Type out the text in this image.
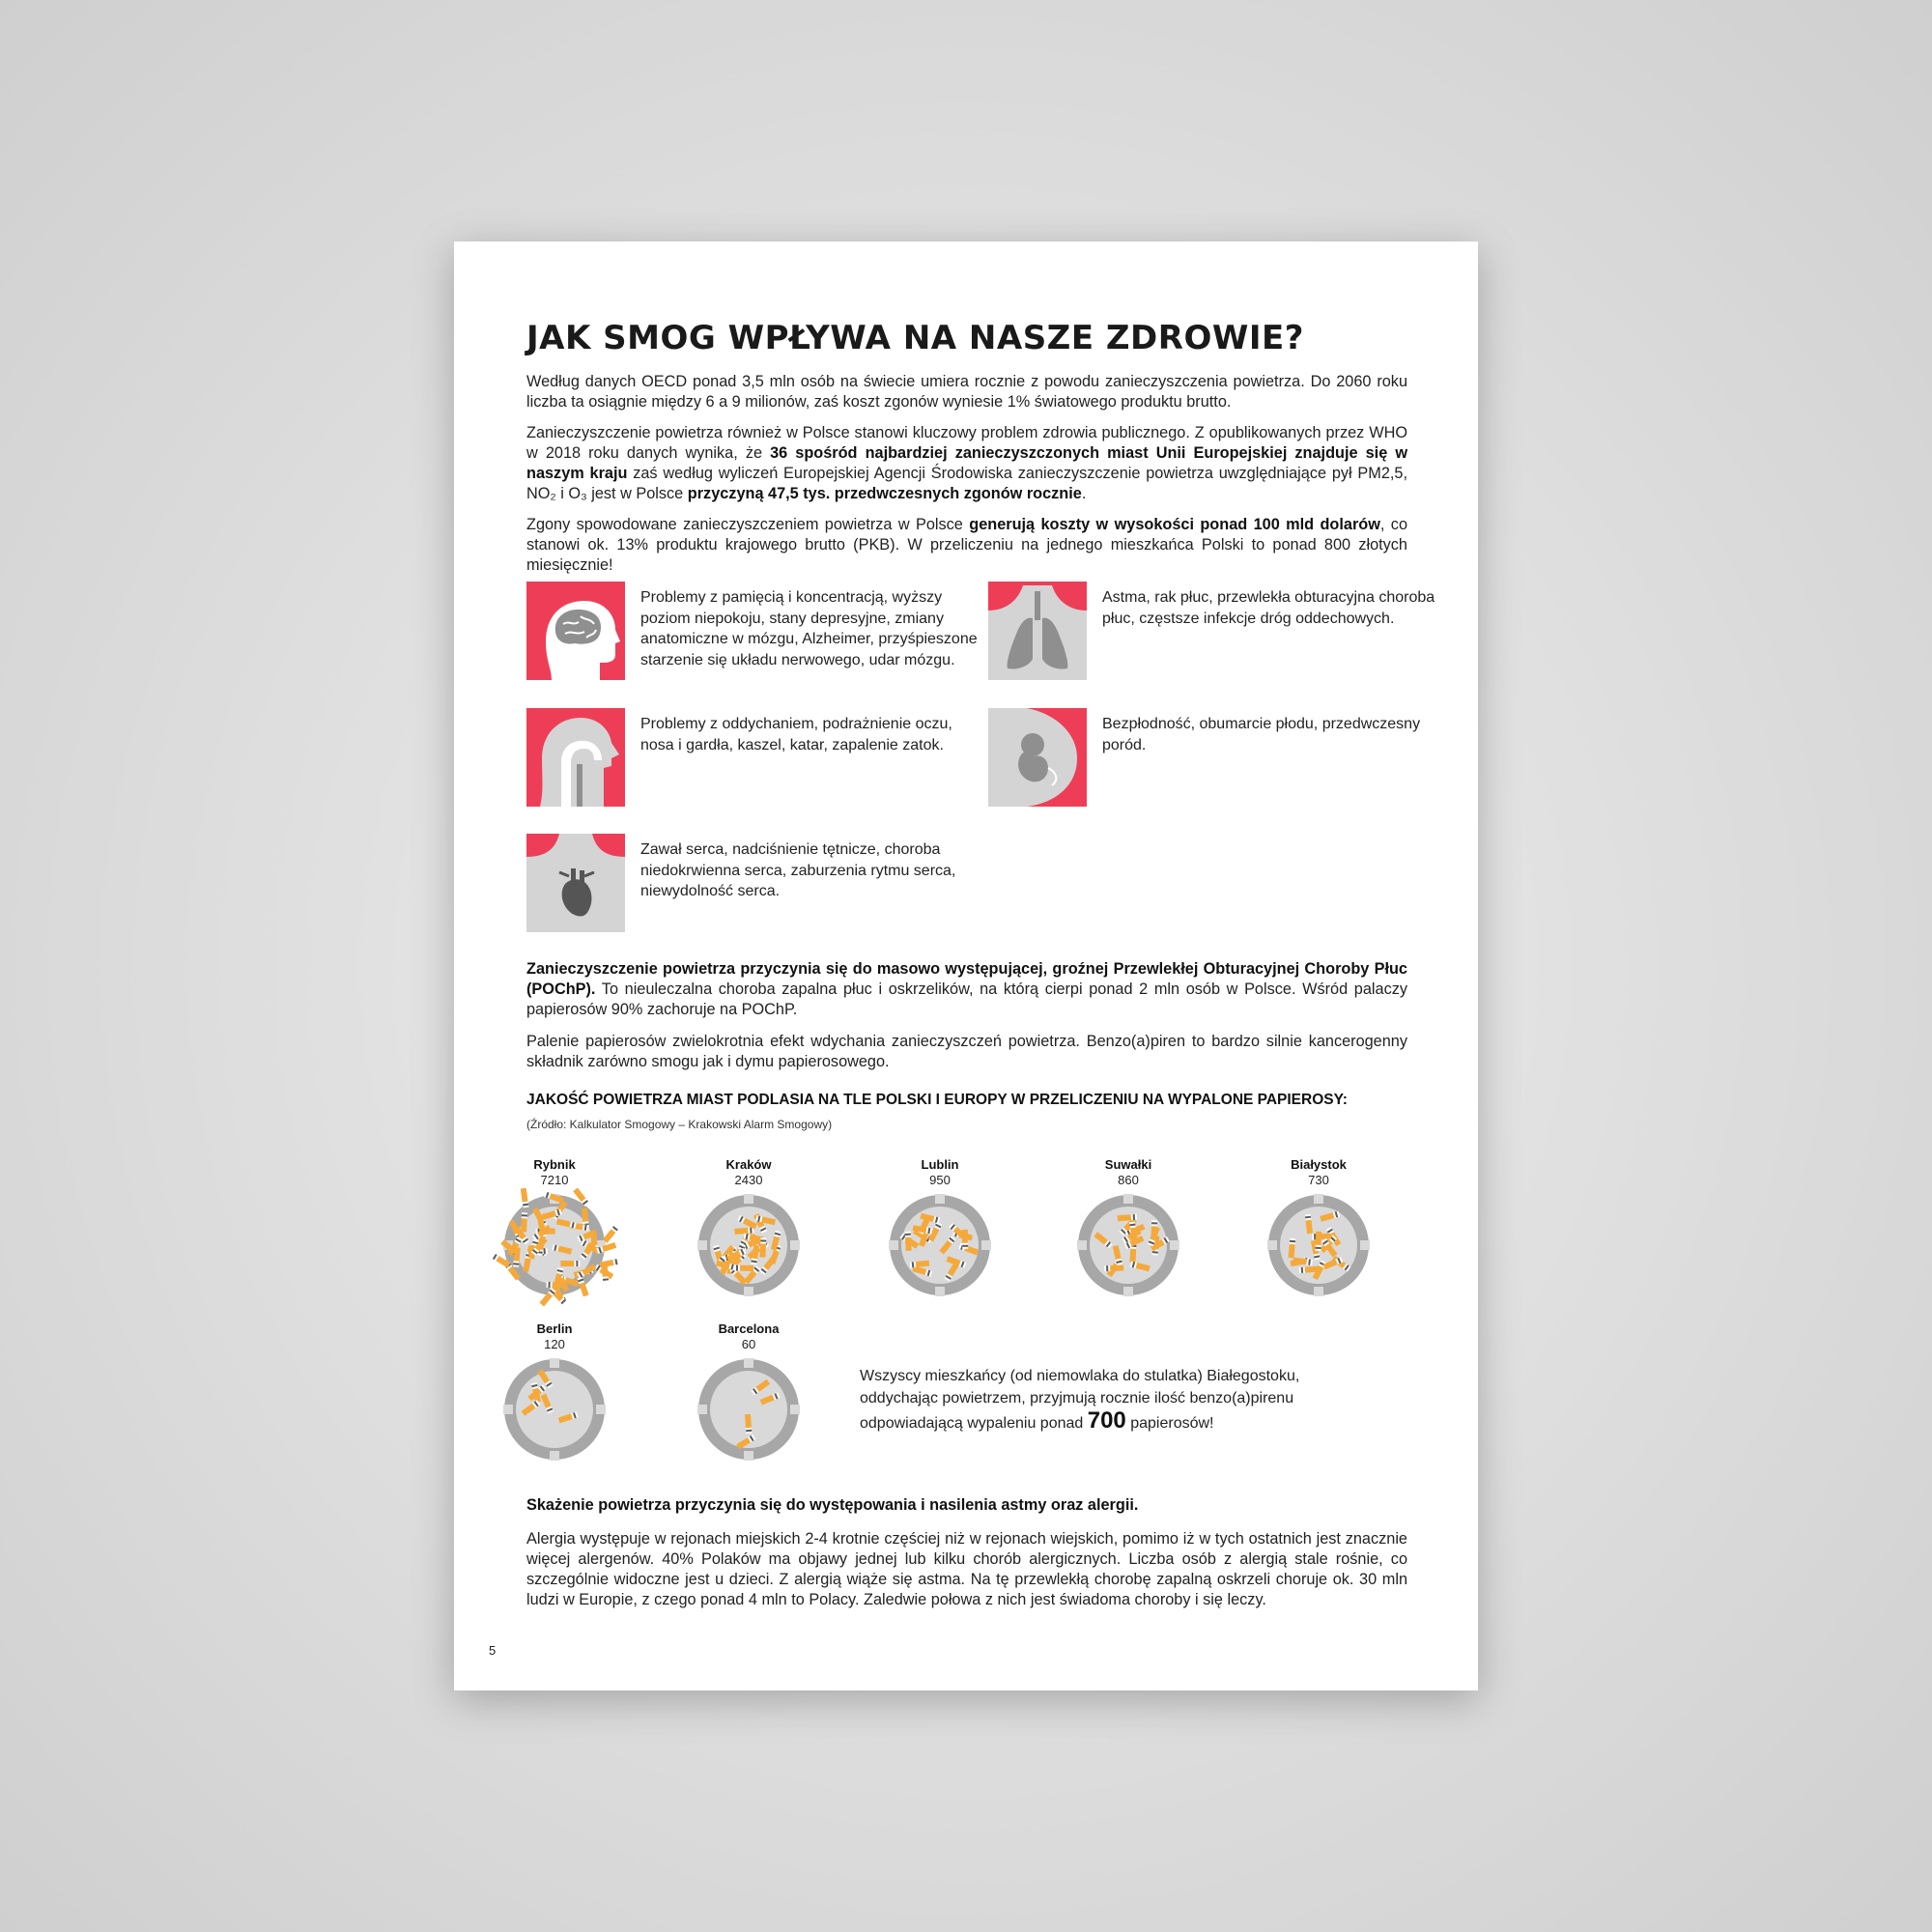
JAK SMOG WPŁYWA NA NASZE ZDROWIE?

Według danych OECD ponad 3,5 mln osób na świecie umiera rocznie z powodu zanieczyszczenia powietrza. Do 2060 roku liczba ta osiągnie między 6 a 9 milionów, zaś koszt zgonów wyniesie 1% światowego produktu brutto.

Zanieczyszczenie powietrza również w Polsce stanowi kluczowy problem zdrowia publicznego. Z opublikowanych przez WHO w 2018 roku danych wynika, że 36 spośród najbardziej zanieczyszczonych miast Unii Europejskiej znajduje się w naszym kraju zaś według wyliczeń Europejskiej Agencji Środowiska zanieczyszczenie powietrza uwzględniające pył PM2,5, NO₂ i O₃ jest w Polsce przyczyną 47,5 tys. przedwczesnych zgonów rocznie.

Zgony spowodowane zanieczyszczeniem powietrza w Polsce generują koszty w wysokości ponad 100 mld dolarów, co stanowi ok. 13% produktu krajowego brutto (PKB). W przeliczeniu na jednego mieszkańca Polski to ponad 800 złotych miesięcznie!

Problemy z pamięcią i koncentracją, wyższy poziom niepokoju, stany depresyjne, zmiany anatomiczne w mózgu, Alzheimer, przyśpieszone starzenie się układu nerwowego, udar mózgu.
Astma, rak płuc, przewlekła obturacyjna choroba płuc, częstsze infekcje dróg oddechowych.
Problemy z oddychaniem, podrażnienie oczu, nosa i gardła, kaszel, katar, zapalenie zatok.
Bezpłodność, obumarcie płodu, przedwczesny poród.
Zawał serca, nadciśnienie tętnicze, choroba niedokrwienna serca, zaburzenia rytmu serca, niewydolność serca.

Zanieczyszczenie powietrza przyczynia się do masowo występującej, groźnej Przewlekłej Obturacyjnej Choroby Płuc (POChP). To nieuleczalna choroba zapalna płuc i oskrzelików, na którą cierpi ponad 2 mln osób w Polsce. Wśród palaczy papierosów 90% zachoruje na POChP.

Palenie papierosów zwielokrotnia efekt wdychania zanieczyszczeń powietrza. Benzo(a)piren to bardzo silnie kancerogenny składnik zarówno smogu jak i dymu papierosowego.

JAKOŚĆ POWIETRZA MIAST PODLASIA NA TLE POLSKI I EUROPY W PRZELICZENIU NA WYPALONE PAPIEROSY:
(Źródło: Kalkulator Smogowy – Krakowski Alarm Smogowy)
Rybnik
7210
Kraków
2430
Lublin
950
Suwałki
860
Białystok
730
Berlin
120
Barcelona
60
Wszyscy mieszkańcy (od niemowlaka do stulatka) Białegostoku, oddychając powietrzem, przyjmują rocznie ilość benzo(a)pirenu odpowiadającą wypaleniu ponad 700 papierosów!

Skażenie powietrza przyczynia się do występowania i nasilenia astmy oraz alergii.

Alergia występuje w rejonach miejskich 2-4 krotnie częściej niż w rejonach wiejskich, pomimo iż w tych ostatnich jest znacznie więcej alergenów. 40% Polaków ma objawy jednej lub kilku chorób alergicznych. Liczba osób z alergią stale rośnie, co szczególnie widoczne jest u dzieci. Z alergią wiąże się astma. Na tę przewlekłą chorobę zapalną oskrzeli choruje ok. 30 mln ludzi w Europie, z czego ponad 4 mln to Polacy. Zaledwie połowa z nich jest świadoma choroby i się leczy.

5
